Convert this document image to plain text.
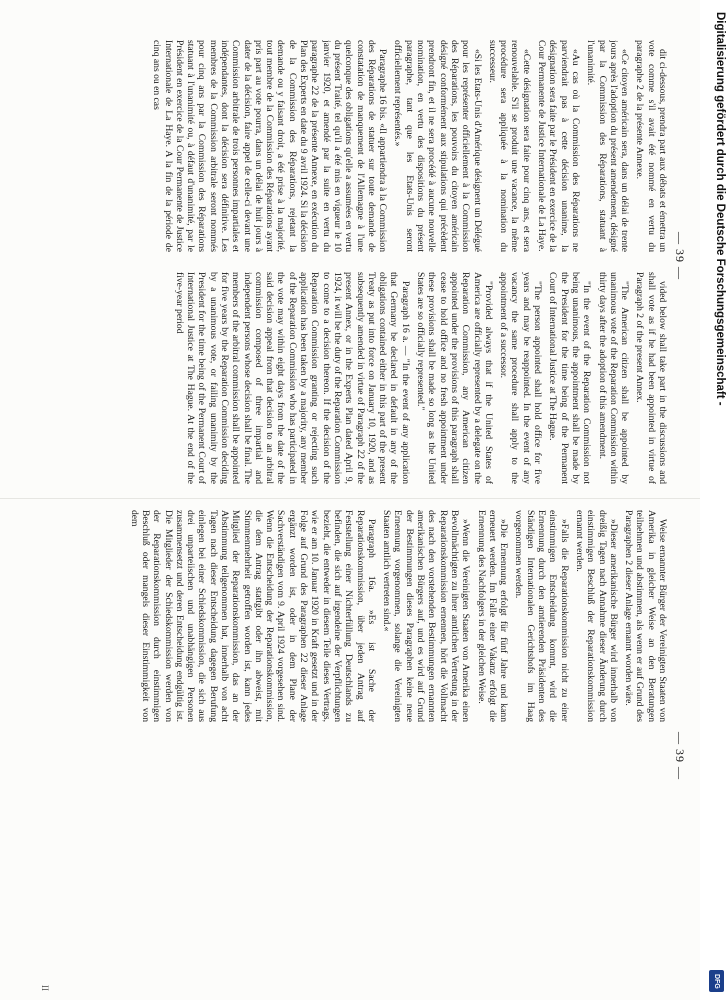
— 39 —
— 39 —

dit ci-dessous, prendra part aux débats et émettra un vote comme s'il avait été nommé en vertu du paragraphe 2 de la présente Annexe.

«Ce citoyen américain sera, dans un délai de trente jours après l'adoption du présent amendement, désigné par la Commission des Réparations, statuant à l'unanimité.

«Au cas où la Commission des Réparations ne parviendrait pas à cette décision unanime, la désignation sera faite par le Président en exercice de la Cour Permanente de Justice Internationale de La Haye.

«Cette désignation sera faite pour cinq ans, et sera renouvelable. S'il se produit une vacance, la même procédure sera appliquée à la nomination du successeur.

«Si les Etats-Unis d'Amérique désignent un Délégué pour les représenter officiellement à la Commission des Réparations, les pouvoirs du citoyen américain désigné conformément aux stipulations qui précèdent prendront fin, et il ne sera procédé à aucune nouvelle nomination, en vertu des dispositions du présent paragraphe, tant que les Etats-Unis seront officiellement représentés.»

Paragraphe 16 bis. «Il appartiendra à la Commission des Réparations de statuer sur toute demande de constatation de manquement de l'Allemagne à l'une quelconque des obligations qu'elle a assumées en vertu du présent Traité, tel qu'il a été mis en vigueur le 10 janvier 1920, et amendé par la suite en vertu du paragraphe 22 de la présente Annexe, en exécution du Plan des Experts en date du 9 avril 1924. Si la décision de la Commission des Réparations, rejetant la demande ou y faisant droit, a été prise à la majorité, tout membre de la Commission des Réparations ayant pris part au vote pourra, dans un délai de huit jours à dater de la décision, faire appel de celle-ci devant une Commission arbitrale de trois personnes impartiales et indépendantes, dont la décision sera définitive. Les membres de la Commission arbitrale seront nommés pour cinq ans par la Commission des Réparations statuant à l'unanimité ou, à défaut d'unanimité, par le Président en exercice de la Cour Permanente de Justice Internationale de La Haye. A la fin de la période de cinq ans ou en cas

vided below shall take part in the discussions and shall vote as if he had been appointed in virtue of Paragraph 2 of the present Annex.

"The American citizen shall be appointed by unanimous vote of the Reparation Commission within thirty days after the adoption of this amendment.

"In the event of the Reparation Commission not being unanimous, the appointment shall be made by the President for the time being of the Permanent Court of International Justice at The Hague.

"The person appointed shall hold office for five years and may be reappointed. In the event of any vacancy the same procedure shall apply to the appointment of a successor.

"Provided always that if the United States of America are officially represented by a delegate on the Reparation Commission, any American citizen appointed under the provisions of this paragraph shall cease to hold office and no fresh appointment under these provisions shall be made so long as the United States are so officially represented."

Paragraph 16 a. — "In the event of any application that Germany be declared in default in any of the obligations contained either in this part of the present Treaty as put into force on January 10, 1920, and as subsequently amended in virtue of Paragraph 22 of the present Annex, or in the Experts Plan dated April 9, 1924, it will be the duty of the Reparation Commission to come to a decision thereon. If the decision of the Reparation Commission granting or rejecting such application has been taken by a majority, any member of the Reparation Commission who has participated in the vote may within eight days from the date of the said decision appeal from that decision to an arbitral commission composed of three impartial and independent persons whose decision shall be final. The members of the arbitral commission shall be appointed for five years by the Reparation Commission deciding by a unanimous vote, or failing unanimity by the President for the time being of the Permanent Court of International Justice at The Hague. At the end of the five-year period

Weise ernannter Bürger der Vereinigten Staaten von Amerika in gleicher Weise an den Beratungen teilnehmen und abstimmen, als wenn er auf Grund des Paragraphen 2 dieser Anlage ernannt worden wäre.

»Dieser amerikanische Bürger wird innerhalb von dreißig Tagen nach Annahme dieser Änderung durch einstimmigen Beschluß der Reparationskommission ernannt werden.

»Falls die Reparationskommission nicht zu einer einstimmigen Entscheidung kommt, wird die Ernennung durch den amtierenden Präsidenten des Ständigen Internationalen Gerichtshofs im Haag vorgenommen werden.

»Die Ernennung erfolgt für fünf Jahre und kann erneuert werden. Im Falle einer Vakanz erfolgt die Ernennung des Nachfolgers in der gleichen Weise.

»Wenn die Vereinigten Staaten von Amerika einen Bevollmächtigten zu ihrer amtlichen Vertretung in der Reparationskommission ernennen, hört die Vollmacht des nach den vorstehenden Bestimmungen ernannten amerikanischen Bürgers auf, und es wird auf Grund der Bestimmungen dieses Paragraphen keine neue Ernennung vorgenommen, solange die Vereinigten Staaten amtlich vertreten sind.«

Paragraph 16a. »Es ist Sache der Reparationskommission, über jeden Antrag auf Feststellung einer Nichterfüllung Deutschlands zu befinden, die sich auf irgendeine der Verpflichtungen bezieht, die entweder in diesem Teile dieses Vertrags, wie er am 10. Januar 1920 in Kraft gesetzt und in der Folge auf Grund des Paragraphen 22 dieser Anlage ergänzt worden ist, oder in dem Plane der Sachverständigen vom 9. April 1924 vorgesehen sind. Wenn die Entscheidung der Reparationskommission, die dem Antrag stattgibt oder ihn abweist, mit Stimmenmehrheit getroffen worden ist, kann jedes Mitglied der Reparationskommission, das an der Abstimmung teilgenommen hat, innerhalb von acht Tagen nach dieser Entscheidung dagegen Berufung einlegen bei einer Schiedskommission, die sich aus drei unparteiischen und unabhängigen Personen zusammensetzt und deren Entscheidung endgültig ist. Die Mitglieder der Schiedskommission werden von der Reparationskommission durch einstimmigen Beschluß oder mangels dieser Einstimmigkeit von dem

II
Digitalisierung gefördert durch die Deutsche Forschungsgemeinschaft -
DFG
